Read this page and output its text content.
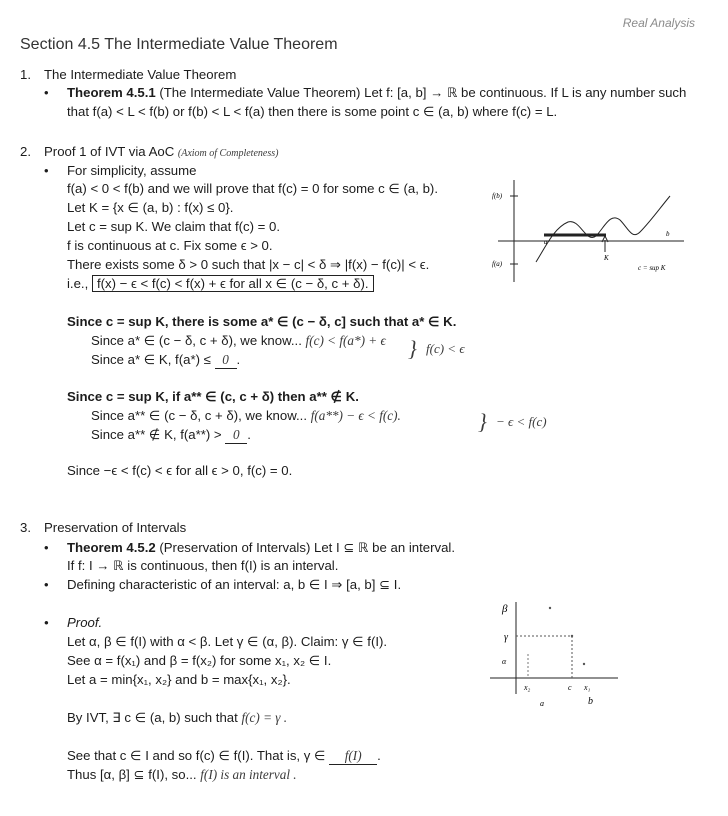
Real Analysis
Section 4.5 The Intermediate Value Theorem
1. The Intermediate Value Theorem
• Theorem 4.5.1 (The Intermediate Value Theorem) Let f: [a, b] → ℝ be continuous. If L is any number such
that f(a) < L < f(b) or f(b) < L < f(a) then there is some point c ∈ (a, b) where f(c) = L.
2. Proof 1 of IVT via AoC (Axiom of Completeness)
• For simplicity, assume
f(a) < 0 < f(b) and we will prove that f(c) = 0 for some c ∈ (a, b).
Let K = {x ∈ (a, b) : f(x) ≤ 0}.
Let c = sup K. We claim that f(c) = 0.
f is continuous at c. Fix some ϵ > 0.
There exists some δ > 0 such that |x − c| < δ ⇒ |f(x) − f(c)| < ϵ.
i.e., f(x) − ϵ < f(c) < f(x) + ϵ for all x ∈ (c − δ, c + δ).
f(b)
f(a)
a
b
K
c = sup K
Since c = sup K, there is some a* ∈ (c − δ, c] such that a* ∈ K.
Since a* ∈ (c − δ, c + δ), we know... f(c) < f(a*) + ϵ
Since a* ∈ K, f(a*) ≤ 0 .	} f(c) < ϵ
Since c = sup K, if a** ∈ (c, c + δ) then a** ∉ K.
Since a** ∈ (c − δ, c + δ), we know... f(a**) − ϵ < f(c).
Since a** ∉ K, f(a**) > 0 .
} − ϵ < f(c)
Since −ϵ < f(c) < ϵ for all ϵ > 0, f(c) = 0.
3. Preservation of Intervals
• Theorem 4.5.2 (Preservation of Intervals) Let I ⊆ ℝ be an interval.
If f: I → ℝ is continuous, then f(I) is an interval.
• Defining characteristic of an interval: a, b ∈ I ⇒ [a, b] ⊆ I.
• Proof.
Let α, β ∈ f(I) with α < β. Let γ ∈ (α, β). Claim: γ ∈ f(I).
See α = f(x₁) and β = f(x₂) for some x₁, x₂ ∈ I.
Let a = min{x₁, x₂} and b = max{x₁, x₂}.
By IVT, ∃ c ∈ (a, b) such that f(c) = γ .
See that c ∈ I and so f(c) ∈ f(I). That is, γ ∈ f(I) .
Thus [α, β] ⊆ f(I), so... f(I) is an interval .
β
γ
α
x₂	c x₁
a	b
